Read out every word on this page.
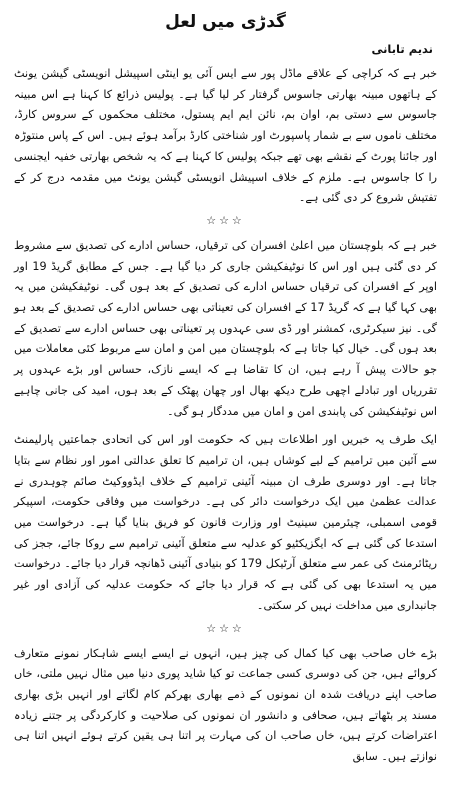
گدڑی میں لعل
ندیم تابانی

خبر ہے کہ کراچی کے علاقے ماڈل پور سے ایس آئی یو اینٹی اسپیشل انویسٹی گیشن یونٹ کے ہاتھوں مبینہ بھارتی جاسوس گرفتار کر لیا گیا ہے۔ پولیس ذرائع کا کہنا ہے اس مبینہ جاسوس سے دستی بم، اوان بم، نائن ایم ایم پستول، مختلف محکموں کے سروس کارڈ، مختلف ناموں سے بے شمار پاسپورٹ اور شناختی کارڈ برآمد ہوئے ہیں۔ اس کے پاس منتوڑہ اور جائنا پورٹ کے نقشے بھی تھے جبکہ پولیس کا کہنا ہے کہ یہ شخص بھارتی خفیہ ایجنسی را کا جاسوس ہے۔ ملزم کے خلاف اسپیشل انویسٹی گیشن یونٹ میں مقدمہ درج کر کے تفتیش شروع کر دی گئی ہے۔

☆☆☆

خبر ہے کہ بلوچستان میں اعلیٰ افسران کی ترقیاں، حساس ادارے کی تصدیق سے مشروط کر دی گئی ہیں اور اس کا نوٹیفکیشن جاری کر دیا گیا ہے۔ جس کے مطابق گریڈ 19 اور اوپر کے افسران کی ترقیاں حساس ادارے کی تصدیق کے بعد ہوں گی۔ نوٹیفکیشن میں یہ بھی کہا گیا ہے کہ گریڈ 17 کے افسران کی تعیناتی بھی حساس ادارے کی تصدیق کے بعد ہو گی۔ نیز سیکرٹری، کمشنر اور ڈی سی عہدوں پر تعیناتی بھی حساس ادارے سے تصدیق کے بعد ہوں گی۔ خیال کیا جاتا ہے کہ بلوچستان میں امن و امان سے مربوط کئی معاملات میں جو حالات پیش آ رہے ہیں، ان کا تقاضا ہے کہ ایسے نازک، حساس اور بڑے عہدوں پر تقرریاں اور تبادلے اچھی طرح دیکھ بھال اور چھان پھٹک کے بعد ہوں، امید کی جانی چاہیے اس نوٹیفکیشن کی پابندی امن و امان میں مددگار ہو گی۔

ایک طرف یہ خبریں اور اطلاعات ہیں کہ حکومت اور اس کی اتحادی جماعتیں پارلیمنٹ سے آئین میں ترامیم کے لیے کوشاں ہیں، ان ترامیم کا تعلق عدالتی امور اور نظام سے بتایا جاتا ہے۔ اور دوسری طرف ان مبینہ آئینی ترامیم کے خلاف ایڈووکیٹ صائم چوہدری نے عدالت عظمیٰ میں ایک درخواست دائر کی ہے۔ درخواست میں وفاقی حکومت، اسپیکر قومی اسمبلی، چیئرمین سینیٹ اور وزارت قانون کو فریق بنایا گیا ہے۔ درخواست میں استدعا کی گئی ہے کہ ایگزیکٹیو کو عدلیہ سے متعلق آئینی ترامیم سے روکا جائے، ججز کی ریٹائرمنٹ کی عمر سے متعلق آرٹیکل 179 کو بنیادی آئینی ڈھانچہ قرار دیا جائے۔ درخواست میں یہ استدعا بھی کی گئی ہے کہ قرار دیا جائے کہ حکومت عدلیہ کی آزادی اور غیر جانبداری میں مداخلت نہیں کر سکتی۔

☆☆☆

بڑے خاں صاحب بھی کیا کمال کی چیز ہیں، انہوں نے ایسے ایسے شاہکار نمونے متعارف کروائے ہیں، جن کی دوسری کسی جماعت تو کیا شاید پوری دنیا میں مثال نہیں ملتی، خاں صاحب اپنے دریافت شدہ ان نمونوں کے ذمے بھاری بھرکم کام لگاتے اور انہیں بڑی بھاری مسند پر بٹھاتے ہیں، صحافی و دانشور ان نمونوں کی صلاحیت و کارکردگی پر جتنے زیادہ اعتراضات کرتے ہیں، خاں صاحب ان کی مہارت پر اتنا ہی یقین کرتے ہوئے انہیں اتنا ہی نوازتے ہیں۔ سابق
